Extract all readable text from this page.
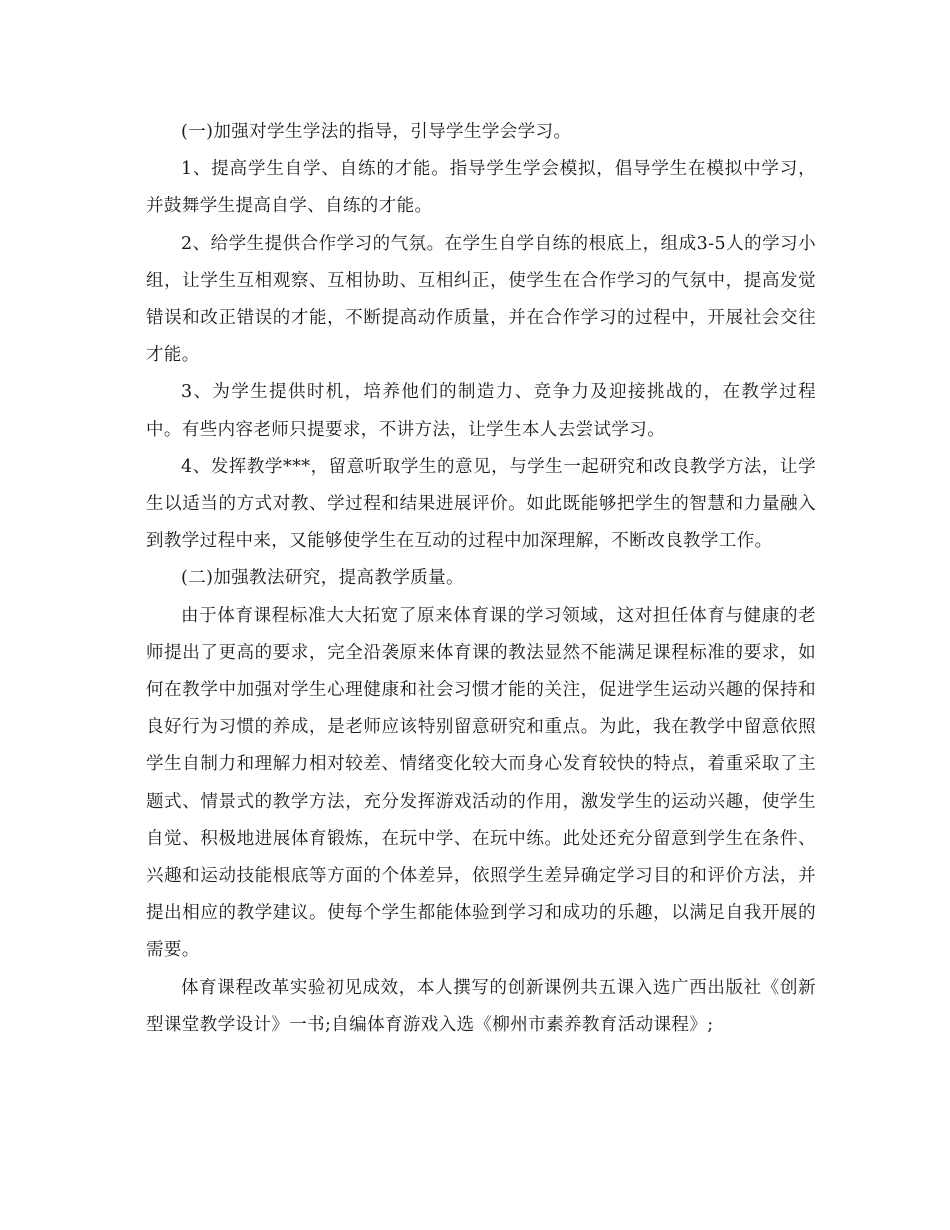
(一)加强对学生学法的指导，引导学生学会学习。

1、提高学生自学、自练的才能。指导学生学会模拟，倡导学生在模拟中学习，并鼓舞学生提高自学、自练的才能。

2、给学生提供合作学习的气氛。在学生自学自练的根底上，组成3-5人的学习小组，让学生互相观察、互相协助、互相纠正，使学生在合作学习的气氛中，提高发觉错误和改正错误的才能，不断提高动作质量，并在合作学习的过程中，开展社会交往才能。

3、为学生提供时机，培养他们的制造力、竞争力及迎接挑战的，在教学过程中。有些内容老师只提要求，不讲方法，让学生本人去尝试学习。

4、发挥教学***，留意听取学生的意见，与学生一起研究和改良教学方法，让学生以适当的方式对教、学过程和结果进展评价。如此既能够把学生的智慧和力量融入到教学过程中来，又能够使学生在互动的过程中加深理解，不断改良教学工作。

(二)加强教法研究，提高教学质量。

由于体育课程标准大大拓宽了原来体育课的学习领域，这对担任体育与健康的老师提出了更高的要求，完全沿袭原来体育课的教法显然不能满足课程标准的要求，如何在教学中加强对学生心理健康和社会习惯才能的关注，促进学生运动兴趣的保持和良好行为习惯的养成，是老师应该特别留意研究和重点。为此，我在教学中留意依照学生自制力和理解力相对较差、情绪变化较大而身心发育较快的特点，着重采取了主题式、情景式的教学方法，充分发挥游戏活动的作用，激发学生的运动兴趣，使学生自觉、积极地进展体育锻炼，在玩中学、在玩中练。此处还充分留意到学生在条件、兴趣和运动技能根底等方面的个体差异，依照学生差异确定学习目的和评价方法，并提出相应的教学建议。使每个学生都能体验到学习和成功的乐趣，以满足自我开展的需要。

体育课程改革实验初见成效，本人撰写的创新课例共五课入选广西出版社《创新型课堂教学设计》一书;自编体育游戏入选《柳州市素养教育活动课程》;
